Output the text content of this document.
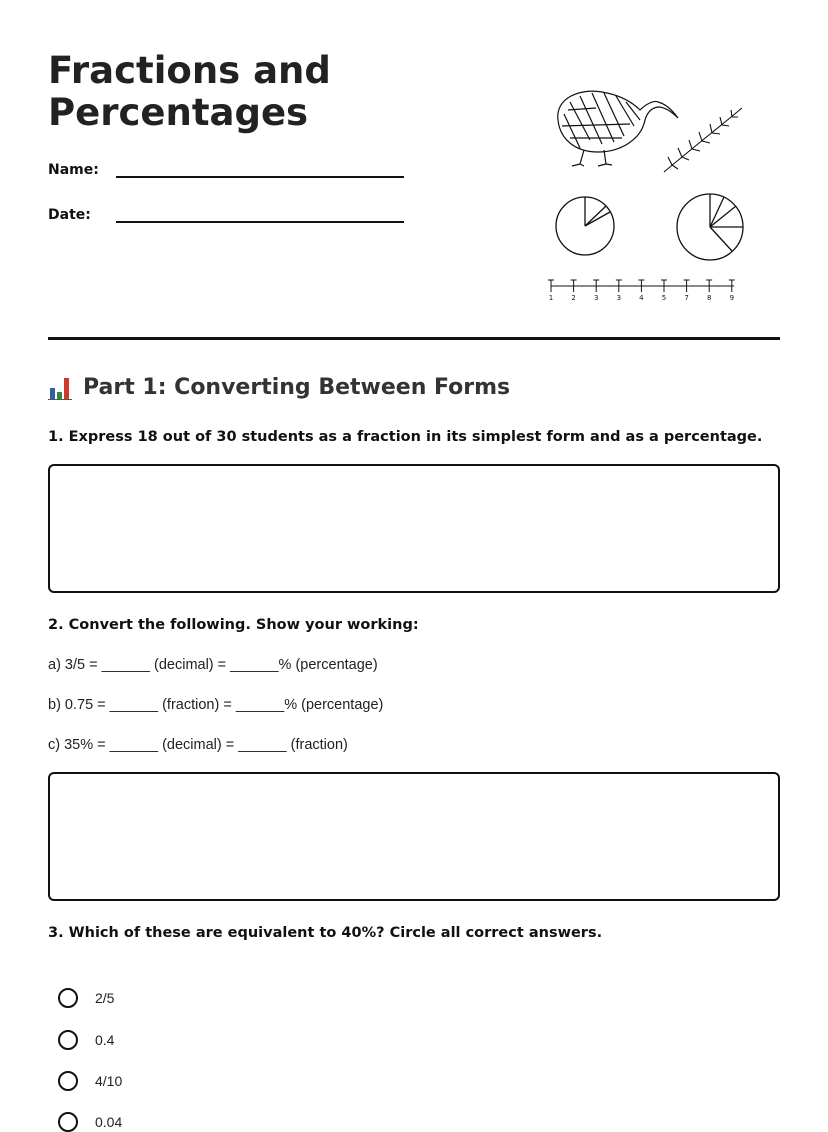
Fractions and
Percentages
Name:
Date:
1	2	3	3	4	5	7	8	9
Part 1: Converting Between Forms

1. Express 18 out of 30 students as a fraction in its simplest form and as a percentage.

2. Convert the following. Show your working:

a) 3/5 = ______ (decimal) = ______% (percentage)

b) 0.75 = ______ (fraction) = ______% (percentage)

c) 35% = ______ (decimal) = ______ (fraction)

3. Which of these are equivalent to 40%? Circle all correct answers.

2/5
0.4
4/10
0.04
